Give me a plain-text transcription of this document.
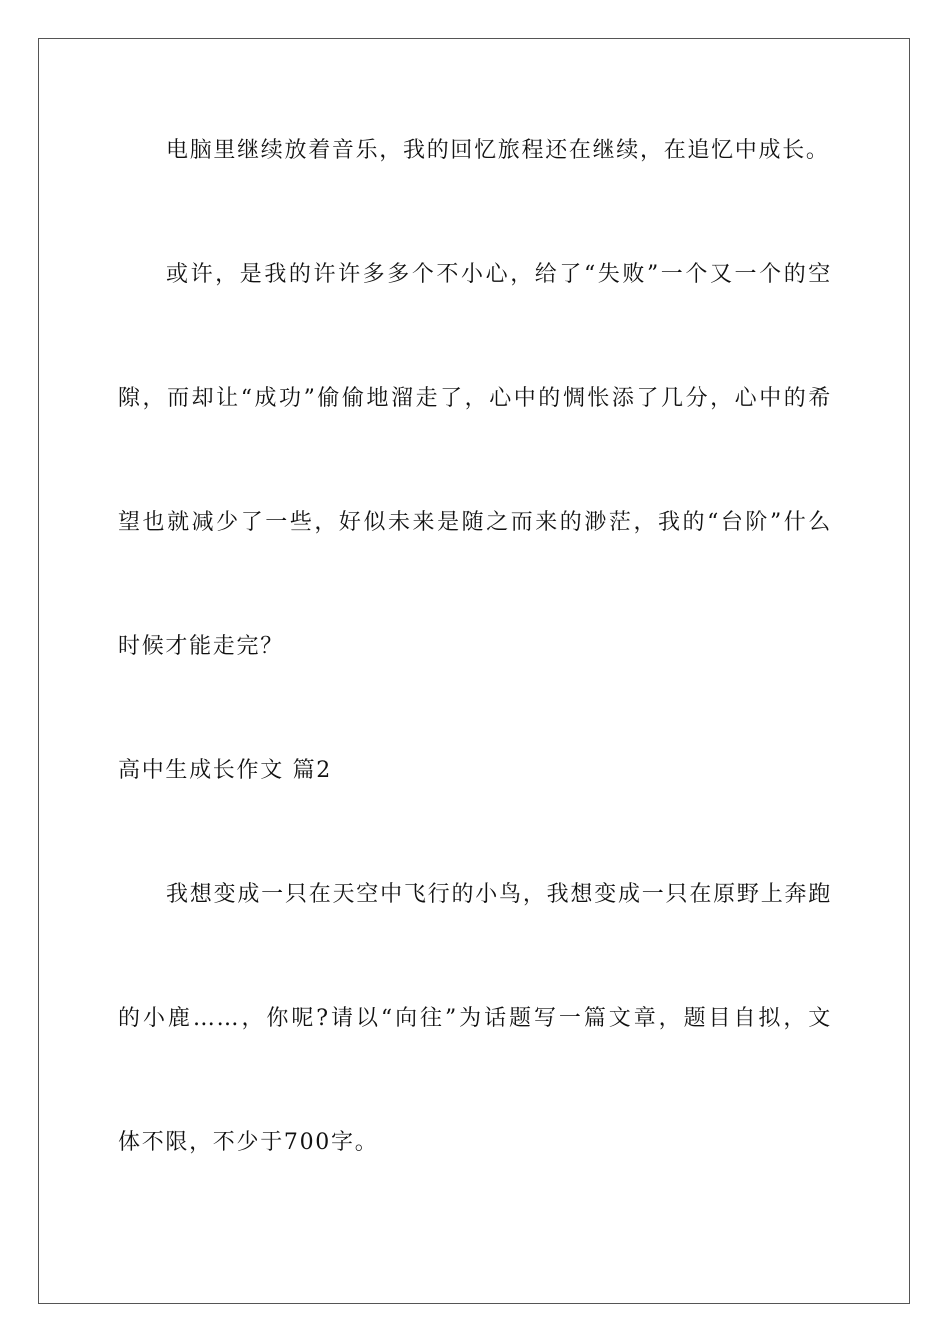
电脑里继续放着音乐，我的回忆旅程还在继续，在追忆中成长。
或许，是我的许许多多个不小心，给了“失败”一个又一个的空
隙，而却让“成功”偷偷地溜走了，心中的惆怅添了几分，心中的希
望也就减少了一些，好似未来是随之而来的渺茫，我的“台阶”什么
时候才能走完？
高中生成长作文 篇2
我想变成一只在天空中飞行的小鸟，我想变成一只在原野上奔跑
的小鹿……，你呢?请以“向往”为话题写一篇文章，题目自拟，文
体不限，不少于700字。
